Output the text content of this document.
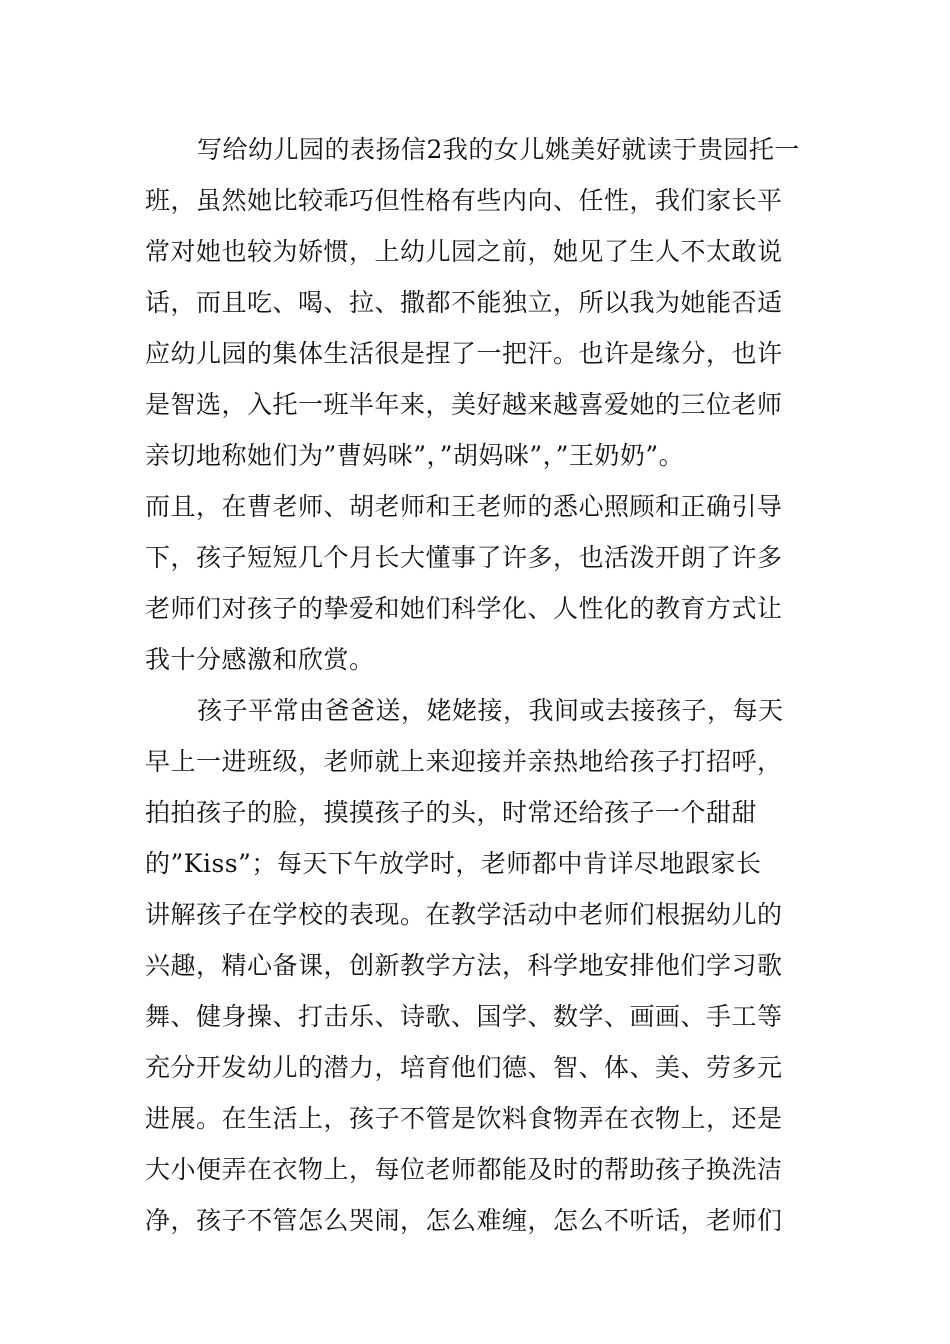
写给幼儿园的表扬信2我的女儿姚美好就读于贵园托一
班，虽然她比较乖巧但性格有些内向、任性，我们家长平
常对她也较为娇惯，上幼儿园之前，她见了生人不太敢说
话，而且吃、喝、拉、撒都不能独立，所以我为她能否适
应幼儿园的集体生活很是捏了一把汗。也许是缘分，也许
是智选，入托一班半年来，美好越来越喜爱她的三位老师
亲切地称她们为”曹妈咪”，”胡妈咪”，”王奶奶”。
而且，在曹老师、胡老师和王老师的悉心照顾和正确引导
下，孩子短短几个月长大懂事了许多，也活泼开朗了许多
老师们对孩子的挚爱和她们科学化、人性化的教育方式让
我十分感激和欣赏。
孩子平常由爸爸送，姥姥接，我间或去接孩子，每天
早上一进班级，老师就上来迎接并亲热地给孩子打招呼，
拍拍孩子的脸，摸摸孩子的头，时常还给孩子一个甜甜
的”Kiss”；每天下午放学时，老师都中肯详尽地跟家长
讲解孩子在学校的表现。在教学活动中老师们根据幼儿的
兴趣，精心备课，创新教学方法，科学地安排他们学习歌
舞、健身操、打击乐、诗歌、国学、数学、画画、手工等
充分开发幼儿的潜力，培育他们德、智、体、美、劳多元
进展。在生活上，孩子不管是饮料食物弄在衣物上，还是
大小便弄在衣物上，每位老师都能及时的帮助孩子换洗洁
净，孩子不管怎么哭闹，怎么难缠，怎么不听话，老师们
